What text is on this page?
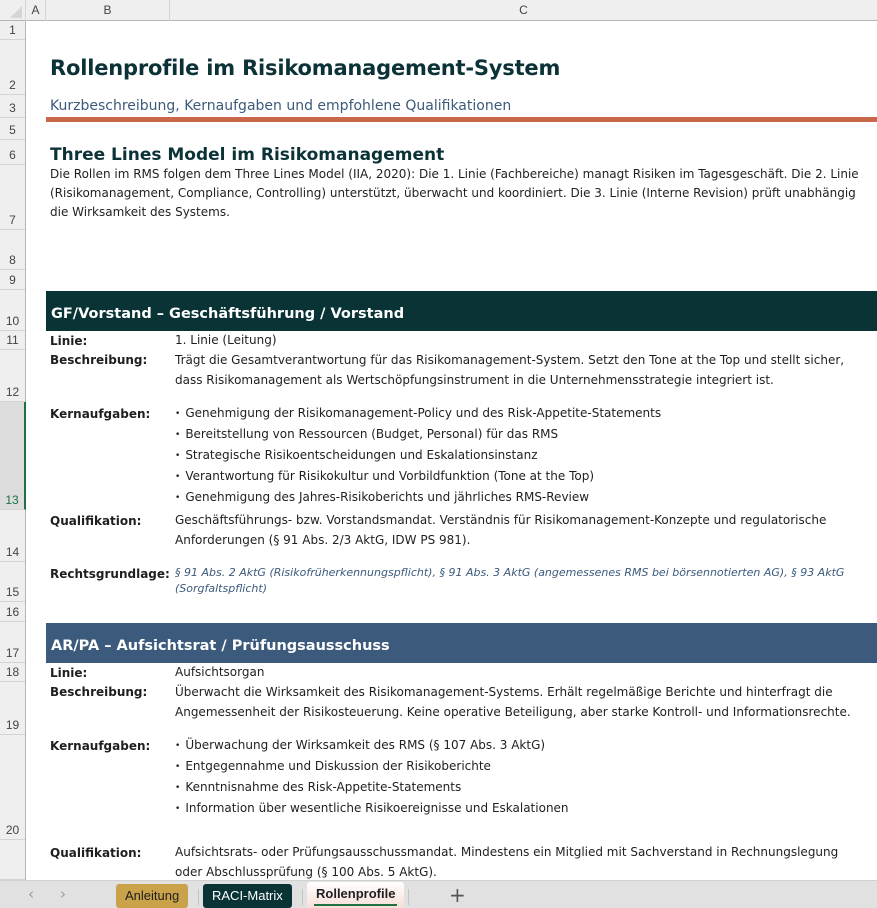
A	B	C
1
2
3
5
6
7
8
9
10
11
12
13
14
15
16
17
18
19
20
Rollenprofile im Risikomanagement-System
Kurzbeschreibung, Kernaufgaben und empfohlene Qualifikationen
Three Lines Model im Risikomanagement
Die Rollen im RMS folgen dem Three Lines Model (IIA, 2020): Die 1. Linie (Fachbereiche) managt Risiken im Tagesgeschäft. Die 2. Linie (Risikomanagement, Compliance, Controlling) unterstützt, überwacht und koordiniert. Die 3. Linie (Interne Revision) prüft unabhängig die Wirksamkeit des Systems.
GF/Vorstand – Geschäftsführung / Vorstand
Linie:	1. Linie (Leitung)
Beschreibung: Trägt die Gesamtverantwortung für das Risikomanagement-System. Setzt den Tone at the Top und stellt sicher, dass Risikomanagement als Wertschöpfungsinstrument in die Unternehmensstrategie integriert ist.
Kernaufgaben:	• Genehmigung der Risikomanagement-Policy und des Risk-Appetite-Statements
• Bereitstellung von Ressourcen (Budget, Personal) für das RMS
• Strategische Risikoentscheidungen und Eskalationsinstanz
• Verantwortung für Risikokultur und Vorbildfunktion (Tone at the Top)
• Genehmigung des Jahres-Risikoberichts und jährliches RMS-Review
Qualifikation:	Geschäftsführungs- bzw. Vorstandsmandat. Verständnis für Risikomanagement-Konzepte und regulatorische Anforderungen (§ 91 Abs. 2/3 AktG, IDW PS 981).
Rechtsgrundlage: § 91 Abs. 2 AktG (Risikofrüherkennungspflicht), § 91 Abs. 3 AktG (angemessenes RMS bei börsennotierten AG), § 93 AktG (Sorgfaltspflicht)
AR/PA – Aufsichtsrat / Prüfungsausschuss
Linie:	Aufsichtsorgan
Beschreibung: Überwacht die Wirksamkeit des Risikomanagement-Systems. Erhält regelmäßige Berichte und hinterfragt die Angemessenheit der Risikosteuerung. Keine operative Beteiligung, aber starke Kontroll- und Informationsrechte.
Kernaufgaben:	• Überwachung der Wirksamkeit des RMS (§ 107 Abs. 3 AktG)
• Entgegennahme und Diskussion der Risikoberichte
• Kenntnisnahme des Risk-Appetite-Statements
• Information über wesentliche Risikoereignisse und Eskalationen
Qualifikation:	Aufsichtsrats- oder Prüfungsausschussmandat. Mindestens ein Mitglied mit Sachverstand in Rechnungslegung oder Abschlussprüfung (§ 100 Abs. 5 AktG).
‹ ›	Anleitung	RACI-Matrix	Rollenprofile	+
